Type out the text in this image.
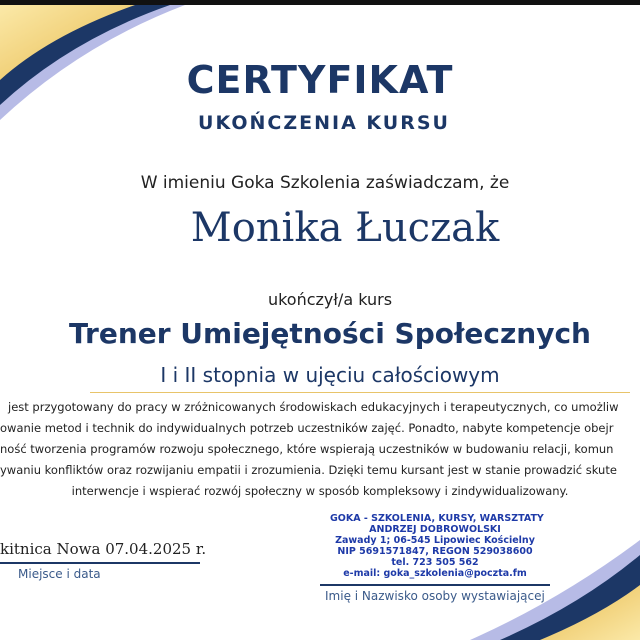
CERTYFIKAT
UKOŃCZENIA KURSU
W imieniu Goka Szkolenia zaświadczam, że
Monika Łuczak
ukończył/a kurs
Trener Umiejętności Społecznych
I i II stopnia w ujęciu całościowym
jest przygotowany do pracy w zróżnicowanych środowiskach edukacyjnych i terapeutycznych, co umożliw
owanie metod i technik do indywidualnych potrzeb uczestników zajęć. Ponadto, nabyte kompetencje obejr
ność tworzenia programów rozwoju społecznego, które wspierają uczestników w budowaniu relacji, komun
ywaniu konfliktów oraz rozwijaniu empatii i zrozumienia. Dzięki temu kursant jest w stanie prowadzić skute
interwencje i wspierać rozwój społeczny w sposób kompleksowy i zindywidualizowany.
kitnica Nowa 07.04.2025 r.
Miejsce i data
GOKA - SZKOLENIA, KURSY, WARSZTATY
ANDRZEJ DOBROWOLSKI
Zawady 1; 06-545 Lipowiec Kościelny
NIP 5691571847, REGON 529038600
tel. 723 505 562
e-mail: goka_szkolenia@poczta.fm
Imię i Nazwisko osoby wystawiającej
